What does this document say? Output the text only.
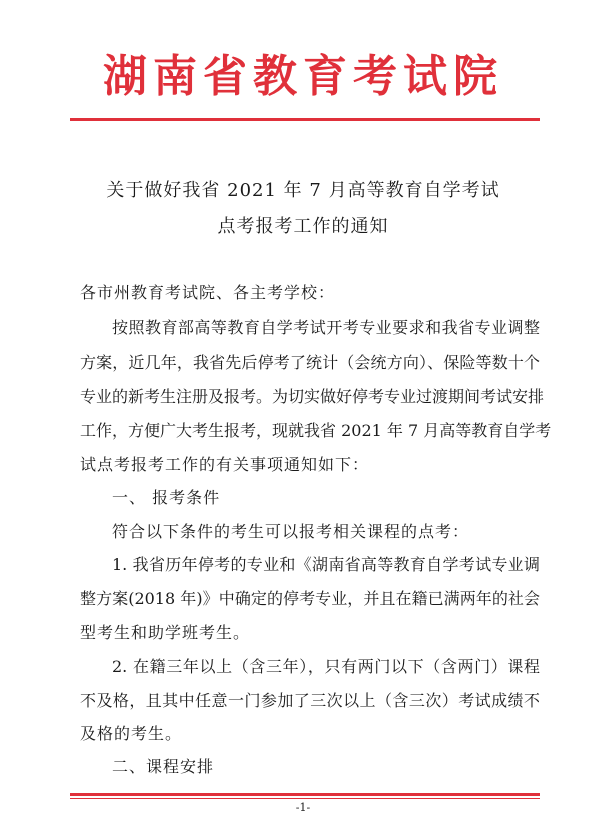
湖南省教育考试院
关于做好我省 2021 年 7 月高等教育自学考试
点考报考工作的通知
各市州教育考试院、各主考学校：
按照教育部高等教育自学考试开考专业要求和我省专业调整
方案，近几年，我省先后停考了统计（会统方向）、保险等数十个
专业的新考生注册及报考。为切实做好停考专业过渡期间考试安排
工作，方便广大考生报考，现就我省 2021 年 7 月高等教育自学考
试点考报考工作的有关事项通知如下：
一、 报考条件
符合以下条件的考生可以报考相关课程的点考：
1. 我省历年停考的专业和《湖南省高等教育自学考试专业调
整方案(2018 年)》中确定的停考专业，并且在籍已满两年的社会
型考生和助学班考生。
2. 在籍三年以上（含三年），只有两门以下（含两门）课程
不及格，且其中任意一门参加了三次以上（含三次）考试成绩不
及格的考生。
二、课程安排
-1-
